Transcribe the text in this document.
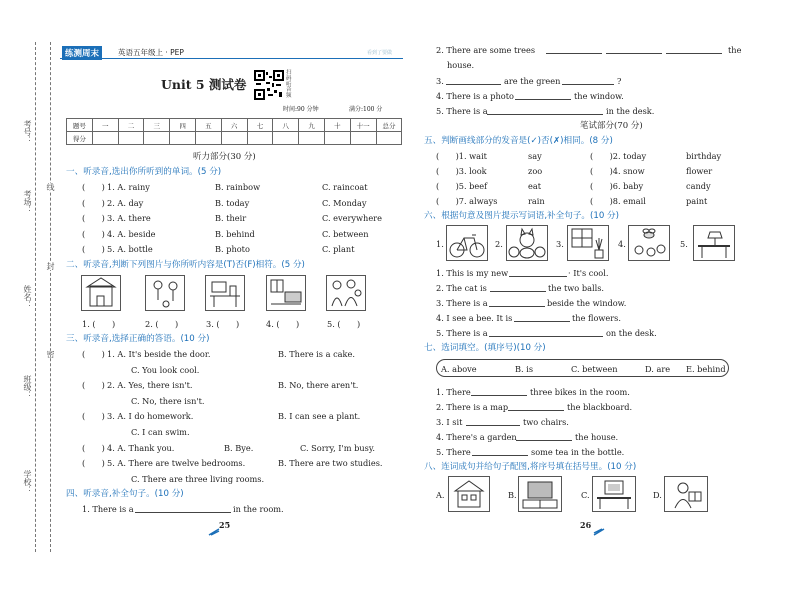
考号：
考场：
姓名：
班级：
学校：
线
封
密
练测周末	英语五年级上 · PEP	看到了要做
Unit 5 测试卷
扫码听音频
时间:90 分钟	满分:100 分
题号	一	二	三	四	五	六	七	八	九	十	十一	总分
得分												
听力部分(30 分)
一、听录音,选出你所听到的单词。(5 分)
(　　) 1. A. rainy	B. rainbow	C. raincoat
(　　) 2. A. day	B. today	C. Monday
(　　) 3. A. there	B. their	C. everywhere
(　　) 4. A. beside	B. behind	C. between
(　　) 5. A. bottle	B. photo	C. plant
二、听录音,判断下列图片与你所听内容是(T)否(F)相符。(5 分)
1. (　　)	2. (　　)	3. (　　)	4. (　　)	5. (　　)
三、听录音,选择正确的答语。(10 分)
(　　) 1. A. It's beside the door.	B. There is a cake.
C. You look cool.
(　　) 2. A. Yes, there isn't.	B. No, there aren't.
C. No, there isn't.
(　　) 3. A. I do homework.	B. I can see a plant.
C. I can swim.
(　　) 4. A. Thank you.	B. Bye.	C. Sorry, I'm busy.
(　　) 5. A. There are twelve bedrooms.	B. There are two studies.
C. There are three living rooms.
四、听录音,补全句子。(10 分)
1. There is a	in the room.
25
2. There are some trees	the
house.
3.	are the green	?
4. There is a photo	the window.
5. There is a	in the desk.
笔试部分(70 分)
五、判断画线部分的发音是(✓)否(✗)相同。(8 分)
(　　)1. wait	say	(　　)2. today	birthday
(　　)3. look	zoo	(　　)4. snow	flower
(　　)5. beef	eat	(　　)6. baby	candy
(　　)7. always	rain	(　　)8. email	paint
六、根据句意及图片提示写词语,补全句子。(10 分)
1.	2.	3.	4.	5.
1. This is my new	· It's cool.
2. The cat is	the two balls.
3. There is a	beside the window.
4. I see a bee. It is	the flowers.
5. There is a	on the desk.
七、选词填空。(填序号)(10 分)
A. above	B. is	C. between	D. are E. behind
1. There	three bikes in the room.
2. There is a map	the blackboard.
3. I sit	two chairs.
4. There's a garden	the house.
5. There	some tea in the bottle.
八、连词成句并给句子配图,将序号填在括号里。(10 分)
A.	B.	C.	D.
26
